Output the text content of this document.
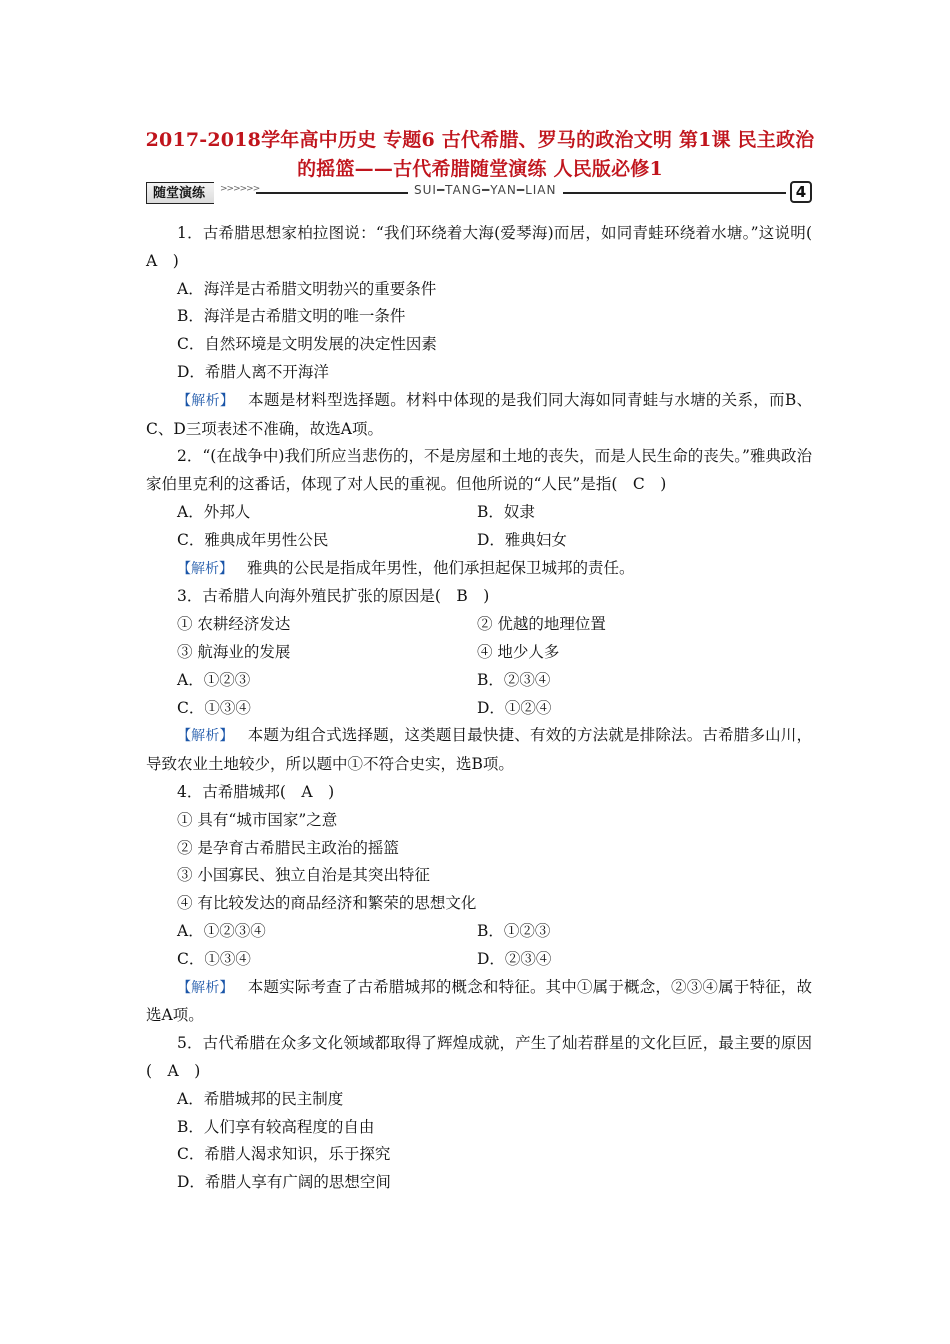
2017-2018学年高中历史 专题6 古代希腊、罗马的政治文明 第1课 民主政治的摇篮——古代希腊随堂演练 人民版必修1
随堂演练	>>>>>>	SUI━TANG━YAN━LIAN	4

1．古希腊思想家柏拉图说：“我们环绕着大海(爱琴海)而居，如同青蛙环绕着水塘。”这说明(　A　)

A．海洋是古希腊文明勃兴的重要条件

B．海洋是古希腊文明的唯一条件

C．自然环境是文明发展的决定性因素

D．希腊人离不开海洋

【解析】 本题是材料型选择题。材料中体现的是我们同大海如同青蛙与水塘的关系，而B、C、D三项表述不准确，故选A项。

2．“(在战争中)我们所应当悲伤的，不是房屋和土地的丧失，而是人民生命的丧失。”雅典政治家伯里克利的这番话，体现了对人民的重视。但他所说的“人民”是指(　C　)

A．外邦人	B．奴隶
C．雅典成年男性公民	D．雅典妇女

【解析】 雅典的公民是指成年男性，他们承担起保卫城邦的责任。

3．古希腊人向海外殖民扩张的原因是(　B　)

① 农耕经济发达	② 优越的地理位置
③ 航海业的发展	④ 地少人多
A．①②③	B．②③④
C．①③④	D．①②④

【解析】 本题为组合式选择题，这类题目最快捷、有效的方法就是排除法。古希腊多山川，导致农业土地较少，所以题中①不符合史实，选B项。

4．古希腊城邦(　A　)

① 具有“城市国家”之意

② 是孕育古希腊民主政治的摇篮

③ 小国寡民、独立自治是其突出特征

④ 有比较发达的商品经济和繁荣的思想文化

A．①②③④	B．①②③
C．①③④	D．②③④

【解析】 本题实际考查了古希腊城邦的概念和特征。其中①属于概念，②③④属于特征，故选A项。

5．古代希腊在众多文化领域都取得了辉煌成就，产生了灿若群星的文化巨匠，最主要的原因(　A　)

A．希腊城邦的民主制度

B．人们享有较高程度的自由

C．希腊人渴求知识，乐于探究

D．希腊人享有广阔的思想空间
